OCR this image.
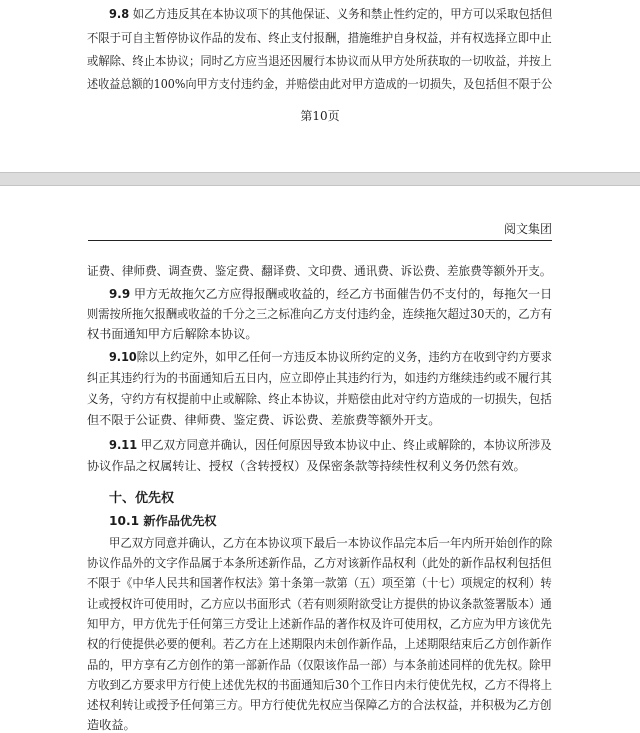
9.8 如乙方违反其在本协议项下的其他保证、义务和禁止性约定的，甲方可以采取包括但
不限于可自主暂停协议作品的发布、终止支付报酬，措施维护自身权益，并有权选择立即中止
或解除、终止本协议；同时乙方应当退还因履行本协议而从甲方处所获取的一切收益，并按上
述收益总额的100%向甲方支付违约金，并赔偿由此对甲方造成的一切损失，及包括但不限于公
第10页
阅文集团
证费、律师费、调查费、鉴定费、翻译费、文印费、通讯费、诉讼费、差旅费等额外开支。
9.9 甲方无故拖欠乙方应得报酬或收益的，经乙方书面催告仍不支付的，每拖欠一日
则需按所拖欠报酬或收益的千分之三之标准向乙方支付违约金，连续拖欠超过30天的，乙方有
权书面通知甲方后解除本协议。
9.10除以上约定外，如甲乙任何一方违反本协议所约定的义务，违约方在收到守约方要求
纠正其违约行为的书面通知后五日内，应立即停止其违约行为，如违约方继续违约或不履行其
义务，守约方有权提前中止或解除、终止本协议，并赔偿由此对守约方造成的一切损失，包括
但不限于公证费、律师费、鉴定费、诉讼费、差旅费等额外开支。
9.11 甲乙双方同意并确认，因任何原因导致本协议中止、终止或解除的，本协议所涉及
协议作品之权属转让、授权（含转授权）及保密条款等持续性权利义务仍然有效。
十、优先权
10.1 新作品优先权
甲乙双方同意并确认，乙方在本协议项下最后一本协议作品完本后一年内所开始创作的除
协议作品外的文字作品属于本条所述新作品，乙方对该新作品权利（此处的新作品权利包括但
不限于《中华人民共和国著作权法》第十条第一款第（五）项至第（十七）项规定的权利）转
让或授权许可使用时，乙方应以书面形式（若有则须附欲受让方提供的协议条款签署版本）通
知甲方，甲方优先于任何第三方受让上述新作品的著作权及许可使用权，乙方应为甲方该优先
权的行使提供必要的便利。若乙方在上述期限内未创作新作品，上述期限结束后乙方创作新作
品的，甲方享有乙方创作的第一部新作品（仅限该作品一部）与本条前述同样的优先权。除甲
方收到乙方要求甲方行使上述优先权的书面通知后30个工作日内未行使优先权，乙方不得将上
述权利转让或授予任何第三方。甲方行使优先权应当保障乙方的合法权益，并积极为乙方创
造收益。
